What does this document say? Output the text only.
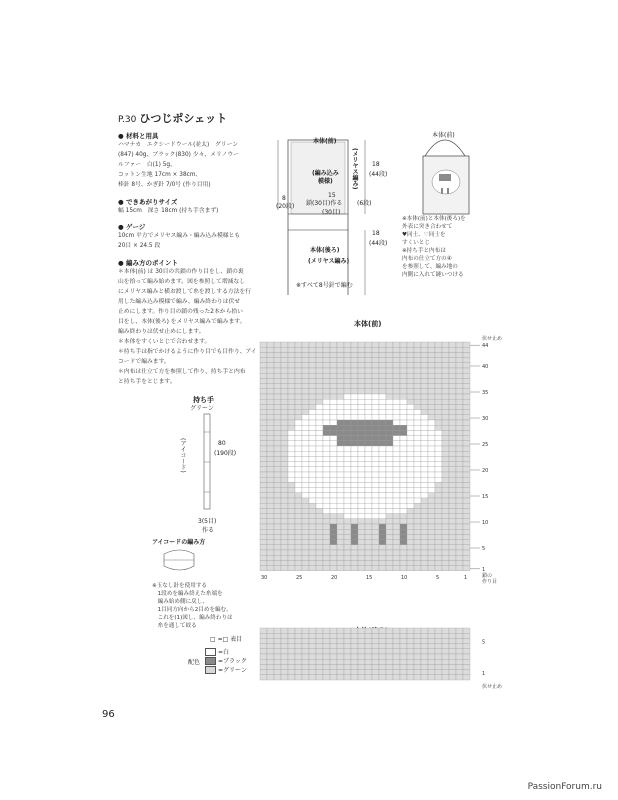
96
PassionForum.ru
P.30 ひつじポシェット
● 材料と用具
ハマナカ　エクシードウール(並太)　グリーン
(847) 40g、ブラック(830) 少々、メリノウー
ルファー　白(1) 5g、
コットン生地 17cm × 38cm、
棒針 8号、かぎ針 7/0号 (作り目用)
● できあがりサイズ
幅 15cm　深さ 18cm (持ち手含まず)
● ゲージ
10cm 平方でメリヤス編み・編み込み模様とも
20目 × 24.5 段
● 編み方のポイント
＊本体(前) は 30目の共鎖の作り目をし、鎖の裏
山を拾って編み始めます。図を参照して増減なし
にメリヤス編みと横お渡して糸を渡しする方法を行
用した編み込み模様で編み、編み終わりは伏せ
止めにします。作り目の鎖の残った2本から拾い
目をし、本体(後ろ) をメリヤス編みで編みます。
編み終わりは伏せ止めにします。
＊本体をすくいとじで合わせます。
＊持ち手は指でかけるように作り目でも目作り、アイ
コードで編みます。
＊内布は仕立て方を参照して作り、持ち手と内布
と持ち手をとじます。
本体(前)
(メリヤス編み)
(編み込み
模様)
18
(44段)
15
鎖(30目)作る (6段)
(30目)
8
(20段)
18
(44段)
本体(後ろ)
(メリヤス編み)
※すべて8号針で編む
本体(前)
※本体(前)と本体(後ろ)を
外表に突き合わせて
♥同士、♡同士を
すくいとじ
※持ち手と内布は
内布の仕立て方の④
を参照して、編み地の
内側に入れて縫いつける
持ち手
グリーン
(アイコード)	80
(190段)
3(5目)
作る
アイコードの編み方
※玉なし針を使用する
　1段めを編み終えた糸端を
　編み始め側に戻し、
　1目同方向から2目めを編む。
　これを(1)図し、編み終わりは
　糸を通して絞る
□ =□ 表目
配色
=白
=ブラック
=グリーン
本体(前)
30	25	20	15	10	5	1
44
40
35
30
25
20
15
10
5
1
5
1
伏せ止め
鎖の
作り目
伏せ止め
